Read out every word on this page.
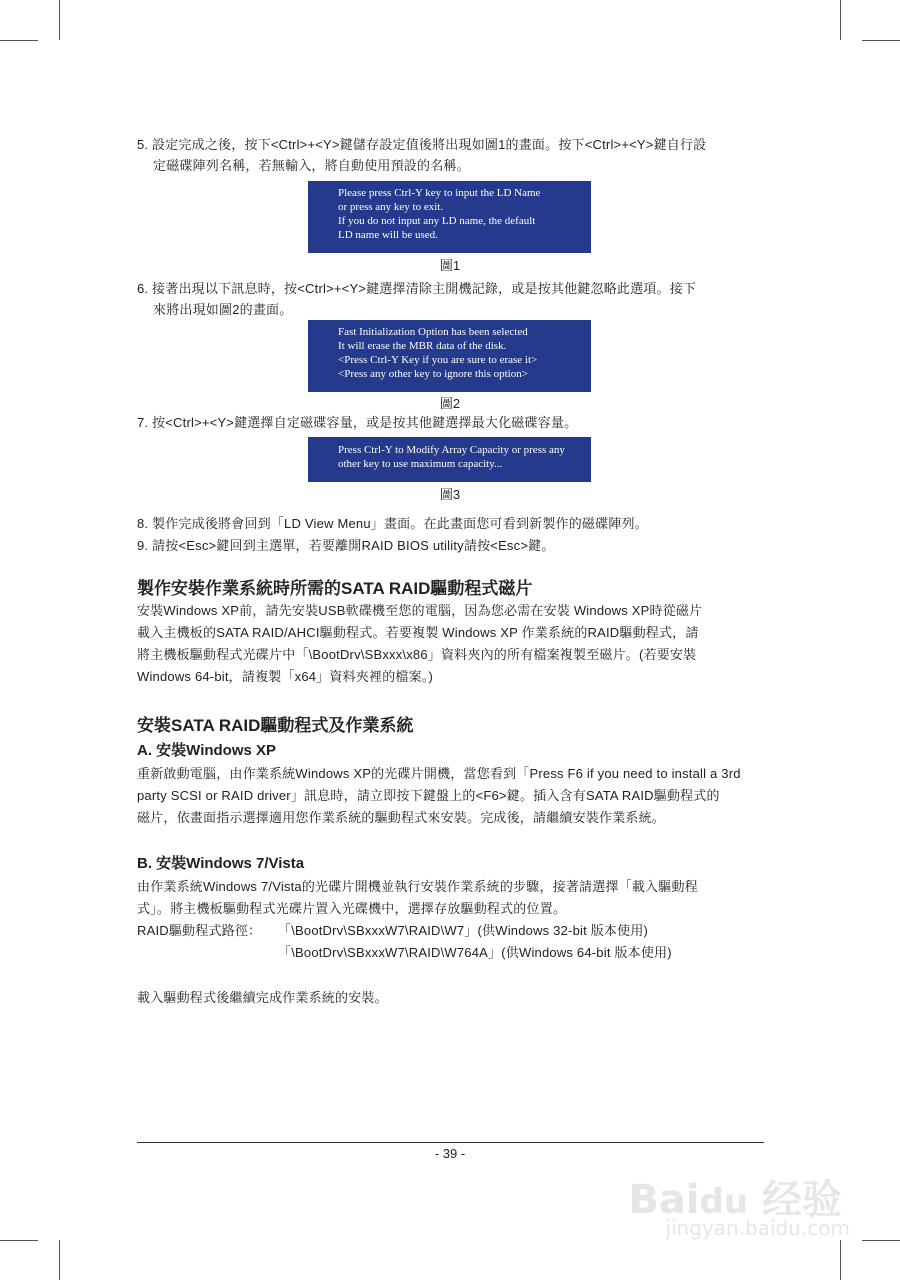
5. 設定完成之後，按下<Ctrl>+<Y>鍵儲存設定值後將出現如圖1的畫面。按下<Ctrl>+<Y>鍵自行設
定磁碟陣列名稱，若無輸入，將自動使用預設的名稱。
Please press Ctrl-Y key to input the LD Name
or press any key to exit.
If you do not input any LD name, the default
LD name will be used.
圖1
6. 接著出現以下訊息時，按<Ctrl>+<Y>鍵選擇清除主開機記錄，或是按其他鍵忽略此選項。接下
來將出現如圖2的畫面。
Fast Initialization Option has been selected
It will erase the MBR data of the disk.
<Press Ctrl-Y Key if you are sure to erase it>
<Press any other key to ignore this option>
圖2
7. 按<Ctrl>+<Y>鍵選擇自定磁碟容量，或是按其他鍵選擇最大化磁碟容量。
Press Ctrl-Y to Modify Array Capacity or press any
other key to use maximum capacity...
圖3
8. 製作完成後將會回到「LD View Menu」畫面。在此畫面您可看到新製作的磁碟陣列。
9. 請按<Esc>鍵回到主選單，若要離開RAID BIOS utility請按<Esc>鍵。
製作安裝作業系統時所需的SATA RAID驅動程式磁片
安裝Windows XP前，請先安裝USB軟碟機至您的電腦，因為您必需在安裝 Windows XP時從磁片
載入主機板的SATA RAID/AHCI驅動程式。若要複製 Windows XP 作業系統的RAID驅動程式，請
將主機板驅動程式光碟片中「\BootDrv\SBxxx\x86」資料夾內的所有檔案複製至磁片。(若要安裝
Windows 64-bit，請複製「x64」資料夾裡的檔案。)
安裝SATA RAID驅動程式及作業系統
A. 安裝Windows XP
重新啟動電腦，由作業系統Windows XP的光碟片開機，當您看到「Press F6 if you need to install a 3rd
party SCSI or RAID driver」訊息時，請立即按下鍵盤上的<F6>鍵。插入含有SATA RAID驅動程式的
磁片，依畫面指示選擇適用您作業系統的驅動程式來安裝。完成後，請繼續安裝作業系統。
B. 安裝Windows 7/Vista
由作業系統Windows 7/Vista的光碟片開機並執行安裝作業系統的步驟，接著請選擇「載入驅動程
式」。將主機板驅動程式光碟片置入光碟機中，選擇存放驅動程式的位置。
RAID驅動程式路徑：	「\BootDrv\SBxxxW7\RAID\W7」(供Windows 32-bit 版本使用)
「\BootDrv\SBxxxW7\RAID\W764A」(供Windows 64-bit 版本使用)
載入驅動程式後繼續完成作業系統的安裝。
- 39 -
Baidu 经验
jingyan.baidu.com
